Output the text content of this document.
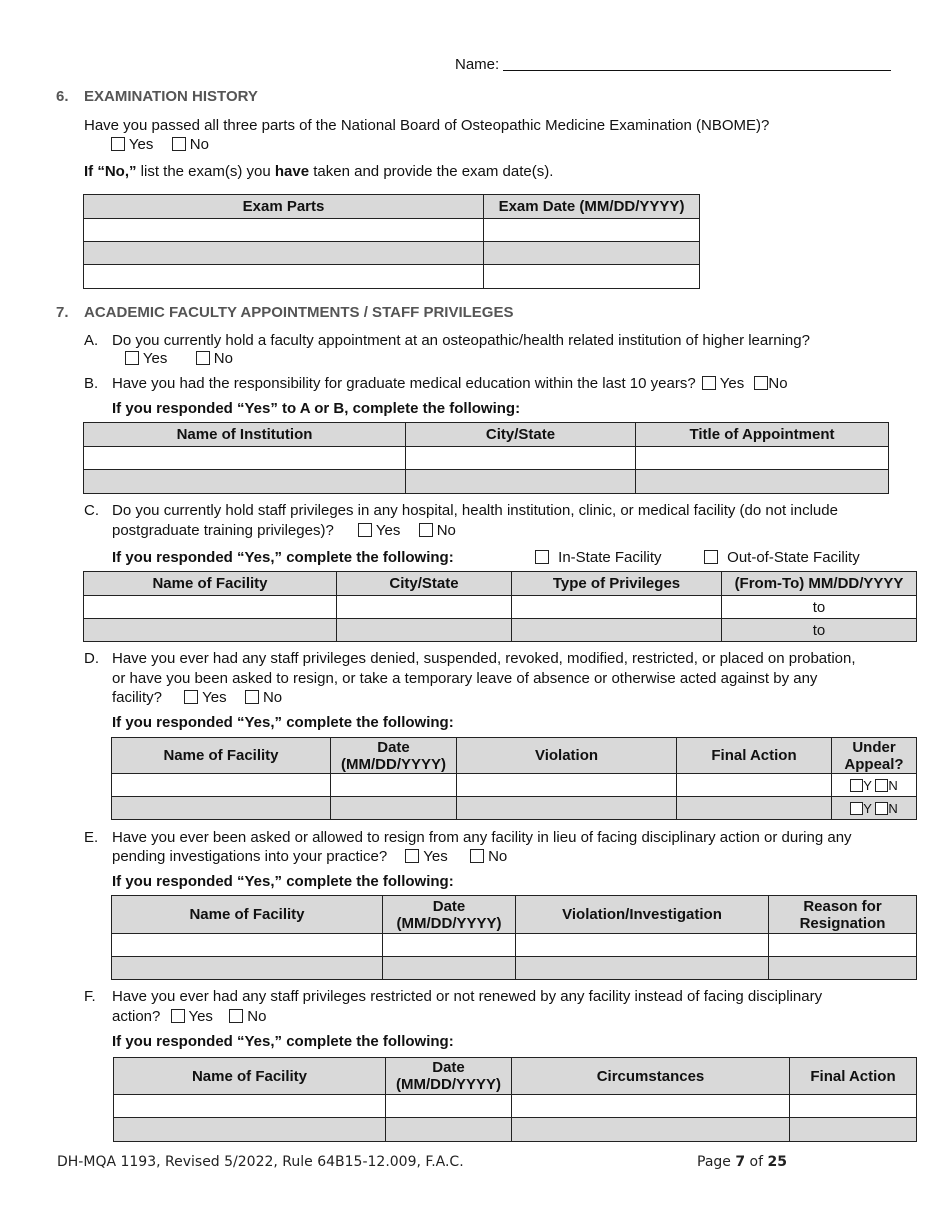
Name:
6. EXAMINATION HISTORY
Have you passed all three parts of the National Board of Osteopathic Medicine Examination (NBOME)?
Yes No
If “No,” list the exam(s) you have taken and provide the exam date(s).
Exam Parts	Exam Date (MM/DD/YYYY)

7. ACADEMIC FACULTY APPOINTMENTS / STAFF PRIVILEGES
A. Do you currently hold a faculty appointment at an osteopathic/health related institution of higher learning?
Yes	No
B. Have you had the responsibility for graduate medical education within the last 10 years? Yes No
If you responded “Yes” to A or B, complete the following:
Name of Institution	City/State	Title of Appointment

C. Do you currently hold staff privileges in any hospital, health institution, clinic, or medical facility (do not include
postgraduate training privileges)?	Yes No
If you responded “Yes,” complete the following:	In-State Facility	Out-of-State Facility
Name of Facility	City/State	Type of Privileges	(From-To) MM/DD/YYYY
			to
			to
D. Have you ever had any staff privileges denied, suspended, revoked, modified, restricted, or placed on probation,
or have you been asked to resign, or take a temporary leave of absence or otherwise acted against by any
facility?	Yes No
If you responded “Yes,” complete the following:
Name of Facility	Date (MM/DD/YYYY)	Violation	Final Action	Under Appeal?
				Y N
				Y N
E. Have you ever been asked or allowed to resign from any facility in lieu of facing disciplinary action or during any
pending investigations into your practice? Yes	No
If you responded “Yes,” complete the following:
Name of Facility	Date (MM/DD/YYYY)	Violation/Investigation	Reason for Resignation

F. Have you ever had any staff privileges restricted or not renewed by any facility instead of facing disciplinary
action? Yes No
If you responded “Yes,” complete the following:
Name of Facility	Date (MM/DD/YYYY)	Circumstances	Final Action

DH-MQA 1193, Revised 5/2022, Rule 64B15-12.009, F.A.C.	Page 7 of 25
